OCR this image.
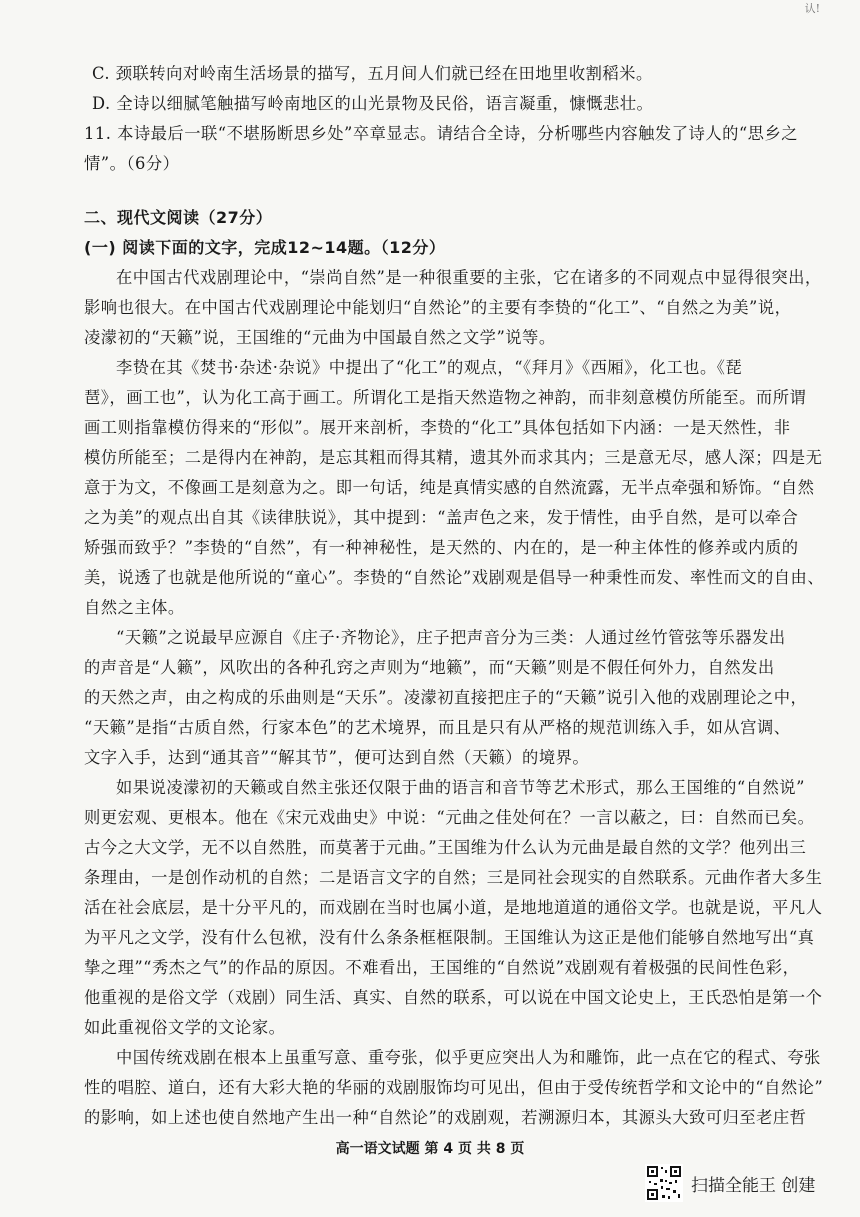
认!
C. 颈联转向对岭南生活场景的描写，五月间人们就已经在田地里收割稻米。
D. 全诗以细腻笔触描写岭南地区的山光景物及民俗，语言凝重，慷慨悲壮。
11. 本诗最后一联“不堪肠断思乡处”卒章显志。请结合全诗，分析哪些内容触发了诗人的“思乡之
情”。（6分）
二、现代文阅读（27分）
(一) 阅读下面的文字，完成12~14题。（12分）
在中国古代戏剧理论中，“崇尚自然”是一种很重要的主张，它在诸多的不同观点中显得很突出，
影响也很大。在中国古代戏剧理论中能划归“自然论”的主要有李贽的“化工”、“自然之为美”说，
凌濛初的“天籁”说，王国维的“元曲为中国最自然之文学”说等。
李贽在其《焚书·杂述·杂说》中提出了“化工”的观点，“《拜月》《西厢》，化工也。《琵
琶》，画工也”，认为化工高于画工。所谓化工是指天然造物之神韵，而非刻意模仿所能至。而所谓
画工则指靠模仿得来的“形似”。展开来剖析，李贽的“化工”具体包括如下内涵：一是天然性，非
模仿所能至；二是得内在神韵，是忘其粗而得其精，遗其外而求其内；三是意无尽，感人深；四是无
意于为文，不像画工是刻意为之。即一句话，纯是真情实感的自然流露，无半点牵强和矫饰。“自然
之为美”的观点出自其《读律肤说》，其中提到：“盖声色之来，发于情性，由乎自然，是可以牵合
矫强而致乎？”李贽的“自然”，有一种神秘性，是天然的、内在的，是一种主体性的修养或内质的
美，说透了也就是他所说的“童心”。李贽的“自然论”戏剧观是倡导一种秉性而发、率性而文的自由、
自然之主体。
“天籁”之说最早应源自《庄子·齐物论》，庄子把声音分为三类：人通过丝竹管弦等乐器发出
的声音是“人籁”，风吹出的各种孔窍之声则为“地籁”，而“天籁”则是不假任何外力，自然发出
的天然之声，由之构成的乐曲则是“天乐”。凌濛初直接把庄子的“天籁”说引入他的戏剧理论之中，
“天籁”是指“古质自然，行家本色”的艺术境界，而且是只有从严格的规范训练入手，如从宫调、
文字入手，达到“通其音”“解其节”，便可达到自然（天籁）的境界。
如果说凌濛初的天籁或自然主张还仅限于曲的语言和音节等艺术形式，那么王国维的“自然说”
则更宏观、更根本。他在《宋元戏曲史》中说：“元曲之佳处何在？一言以蔽之，曰：自然而已矣。
古今之大文学，无不以自然胜，而莫著于元曲。”王国维为什么认为元曲是最自然的文学？他列出三
条理由，一是创作动机的自然；二是语言文字的自然；三是同社会现实的自然联系。元曲作者大多生
活在社会底层，是十分平凡的，而戏剧在当时也属小道，是地地道道的通俗文学。也就是说，平凡人
为平凡之文学，没有什么包袱，没有什么条条框框限制。王国维认为这正是他们能够自然地写出“真
挚之理”“秀杰之气”的作品的原因。不难看出，王国维的“自然说”戏剧观有着极强的民间性色彩，
他重视的是俗文学（戏剧）同生活、真实、自然的联系，可以说在中国文论史上，王氏恐怕是第一个
如此重视俗文学的文论家。
中国传统戏剧在根本上虽重写意、重夸张，似乎更应突出人为和雕饰，此一点在它的程式、夸张
性的唱腔、道白，还有大彩大艳的华丽的戏剧服饰均可见出，但由于受传统哲学和文论中的“自然论”
的影响，如上述也使自然地产生出一种“自然论”的戏剧观，若溯源归本，其源头大致可归至老庄哲
高一语文试题 第 4 页 共 8 页
扫描全能王 创建
